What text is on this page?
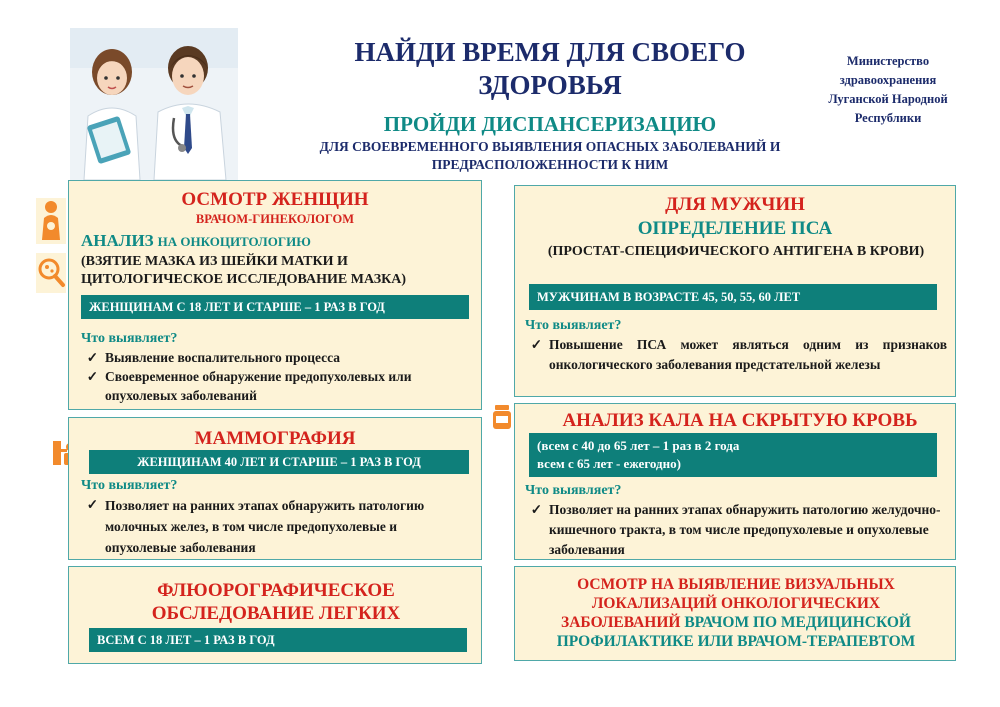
НАЙДИ ВРЕМЯ ДЛЯ СВОЕГО ЗДОРОВЬЯ
Министерство здравоохранения Луганской Народной Республики
ПРОЙДИ ДИСПАНСЕРИЗАЦИЮ
ДЛЯ СВОЕВРЕМЕННОГО ВЫЯВЛЕНИЯ ОПАСНЫХ ЗАБОЛЕВАНИЙ И ПРЕДРАСПОЛОЖЕННОСТИ К НИМ
ОСМОТР ЖЕНЩИН
ВРАЧОМ-ГИНЕКОЛОГОМ
АНАЛИЗ НА ОНКОЦИТОЛОГИЮ
(ВЗЯТИЕ МАЗКА ИЗ ШЕЙКИ МАТКИ И ЦИТОЛОГИЧЕСКОЕ ИССЛЕДОВАНИЕ МАЗКА)
ЖЕНЩИНАМ С 18 ЛЕТ И СТАРШЕ – 1 РАЗ В ГОД
Что выявляет?
✓ Выявление воспалительного процесса
✓ Своевременное обнаружение предопухолевых или опухолевых заболеваний
МАММОГРАФИЯ
ЖЕНЩИНАМ 40 ЛЕТ И СТАРШЕ – 1 РАЗ В ГОД
Что выявляет?
✓ Позволяет на ранних этапах обнаружить патологию молочных желез, в том числе предопухолевые и опухолевые заболевания
ФЛЮОРОГРАФИЧЕСКОЕ ОБСЛЕДОВАНИЕ ЛЕГКИХ
ВСЕМ С 18 ЛЕТ – 1 РАЗ В ГОД
ДЛЯ МУЖЧИН
ОПРЕДЕЛЕНИЕ ПСА
(ПРОСТАТ-СПЕЦИФИЧЕСКОГО АНТИГЕНА В КРОВИ)
МУЖЧИНАМ В ВОЗРАСТЕ 45, 50, 55, 60 ЛЕТ
Что выявляет?
✓ Повышение ПСА может являться одним из признаков онкологического заболевания предстательной железы
АНАЛИЗ КАЛА НА СКРЫТУЮ КРОВЬ
(всем с 40 до 65 лет – 1 раз в 2 года
всем с 65 лет - ежегодно)
Что выявляет?
✓ Позволяет на ранних этапах обнаружить патологию желудочно-кишечного тракта, в том числе предопухолевые и опухолевые заболевания
ОСМОТР НА ВЫЯВЛЕНИЕ ВИЗУАЛЬНЫХ ЛОКАЛИЗАЦИЙ ОНКОЛОГИЧЕСКИХ ЗАБОЛЕВАНИЙ ВРАЧОМ ПО МЕДИЦИНСКОЙ ПРОФИЛАКТИКЕ ИЛИ ВРАЧОМ-ТЕРАПЕВТОМ
